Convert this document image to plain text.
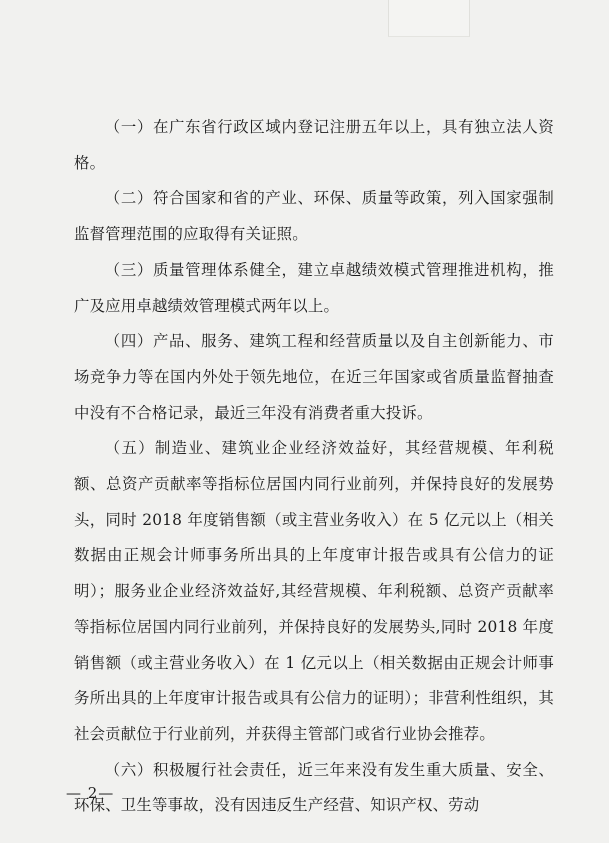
（一）在广东省行政区域内登记注册五年以上，具有独立法人资格。

（二）符合国家和省的产业、环保、质量等政策，列入国家强制监督管理范围的应取得有关证照。

（三）质量管理体系健全，建立卓越绩效模式管理推进机构，推广及应用卓越绩效管理模式两年以上。

（四）产品、服务、建筑工程和经营质量以及自主创新能力、市场竞争力等在国内外处于领先地位，在近三年国家或省质量监督抽查中没有不合格记录，最近三年没有消费者重大投诉。

（五）制造业、建筑业企业经济效益好，其经营规模、年利税额、总资产贡献率等指标位居国内同行业前列，并保持良好的发展势头，同时 2018 年度销售额（或主营业务收入）在 5 亿元以上（相关数据由正规会计师事务所出具的上年度审计报告或具有公信力的证明）；服务业企业经济效益好,其经营规模、年利税额、总资产贡献率等指标位居国内同行业前列，并保持良好的发展势头,同时 2018 年度销售额（或主营业务收入）在 1 亿元以上（相关数据由正规会计师事务所出具的上年度审计报告或具有公信力的证明）；非营利性组织，其社会贡献位于行业前列，并获得主管部门或省行业协会推荐。

（六）积极履行社会责任，近三年来没有发生重大质量、安全、环保、卫生等事故，没有因违反生产经营、知识产权、劳动

— 2—
